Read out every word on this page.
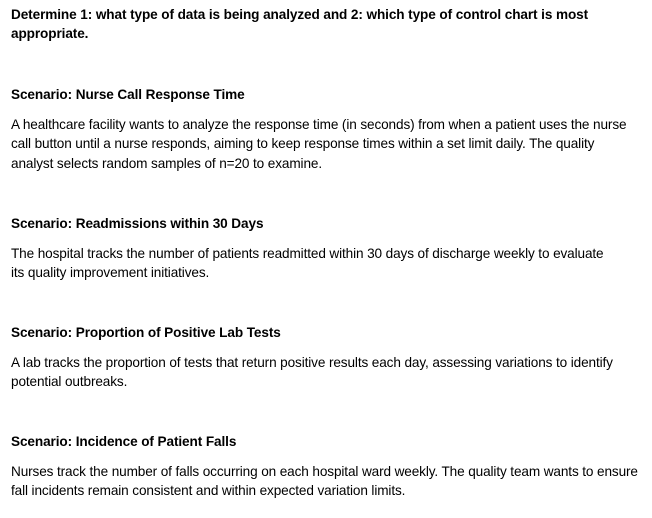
Determine 1: what type of data is being analyzed and 2: which type of control chart is most appropriate.
Scenario: Nurse Call Response Time
A healthcare facility wants to analyze the response time (in seconds) from when a patient uses the nurse call button until a nurse responds, aiming to keep response times within a set limit daily. The quality analyst selects random samples of n=20 to examine.
Scenario: Readmissions within 30 Days
The hospital tracks the number of patients readmitted within 30 days of discharge weekly to evaluate its quality improvement initiatives.
Scenario: Proportion of Positive Lab Tests
A lab tracks the proportion of tests that return positive results each day, assessing variations to identify potential outbreaks.
Scenario: Incidence of Patient Falls
Nurses track the number of falls occurring on each hospital ward weekly. The quality team wants to ensure fall incidents remain consistent and within expected variation limits.
